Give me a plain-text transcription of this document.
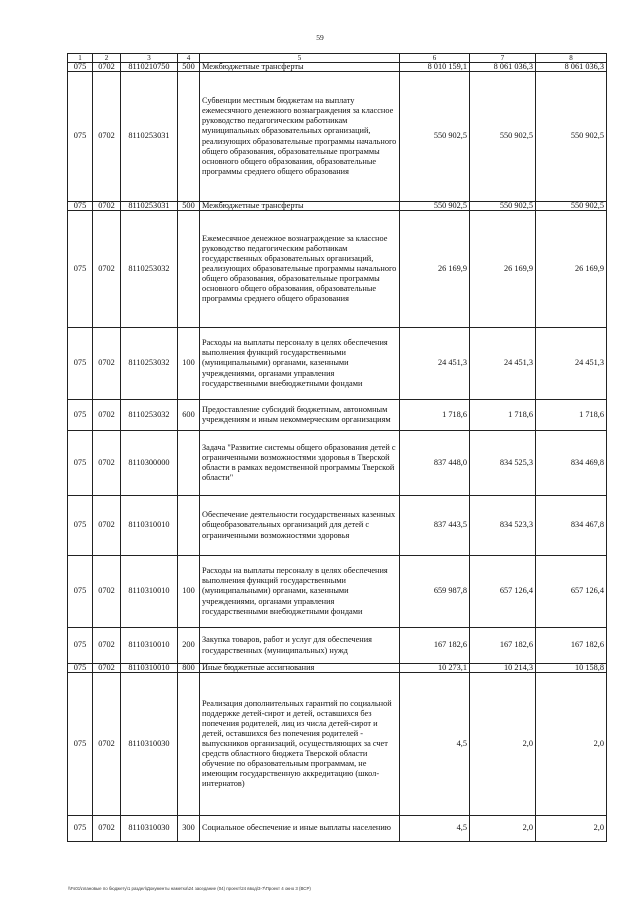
59
1	2	3	4	5	6	7	8
075	0702	8110210750	500	Межбюджетные трансферты	8 010 159,1	8 061 036,3	8 061 036,3
075	0702	8110253031		Субвенции местным бюджетам на выплату ежемесячного денежного вознаграждения за классное руководство педагогическим работникам муниципальных образовательных организаций, реализующих образовательные программы начального общего образования, образовательные программы основного общего образования, образовательные программы среднего общего образования	550 902,5	550 902,5	550 902,5
075	0702	8110253031	500	Межбюджетные трансферты	550 902,5	550 902,5	550 902,5
075	0702	8110253032		Ежемесячное денежное вознаграждение за классное руководство педагогическим работникам государственных образовательных организаций, реализующих образовательные программы начального общего образования, образовательные программы основного общего образования, образовательные программы среднего общего образования	26 169,9	26 169,9	26 169,9
075	0702	8110253032	100	Расходы на выплаты персоналу в целях обеспечения выполнения функций государственными (муниципальными) органами, казенными учреждениями, органами управления государственными внебюджетными фондами	24 451,3	24 451,3	24 451,3
075	0702	8110253032	600	Предоставление субсидий бюджетным, автономным учреждениям и иным некоммерческим организациям	1 718,6	1 718,6	1 718,6
075	0702	8110300000		Задача "Развитие системы общего образования детей с ограниченными возможностями здоровья в Тверской области в рамках ведомственной программы Тверской области"	837 448,0	834 525,3	834 469,8
075	0702	8110310010		Обеспечение деятельности государственных казенных общеобразовательных организаций для детей с ограниченными возможностями здоровья	837 443,5	834 523,3	834 467,8
075	0702	8110310010	100	Расходы на выплаты персоналу в целях обеспечения выполнения функций государственными (муниципальными) органами, казенными учреждениями, органами управления государственными внебюджетными фондами	659 987,8	657 126,4	657 126,4
075	0702	8110310010	200	Закупка товаров, работ и услуг для обеспечения государственных (муниципальных) нужд	167 182,6	167 182,6	167 182,6
075	0702	8110310010	800	Иные бюджетные ассигнования	10 273,1	10 214,3	10 158,8
075	0702	8110310030		Реализация дополнительных гарантий по социальной поддержке детей-сирот и детей, оставшихся без попечения родителей, лиц из числа детей-сирот и детей, оставшихся без попечения родителей - выпускников организаций, осуществляющих за счет средств областного бюджета Тверской области обучение по образовательным программам, не имеющим государственную аккредитацию (школ-интернатов)	4,5	2,0	2,0
075	0702	8110310030	300	Социальное обеспечение и иные выплаты населению	4,5	2,0	2,0
\\Fs01\плановые по бюджету\1 раздел\Документы наметка\24 заседание (04) проект\24 ввод\3-7\Проект 4 окно 3 (ВСР)
